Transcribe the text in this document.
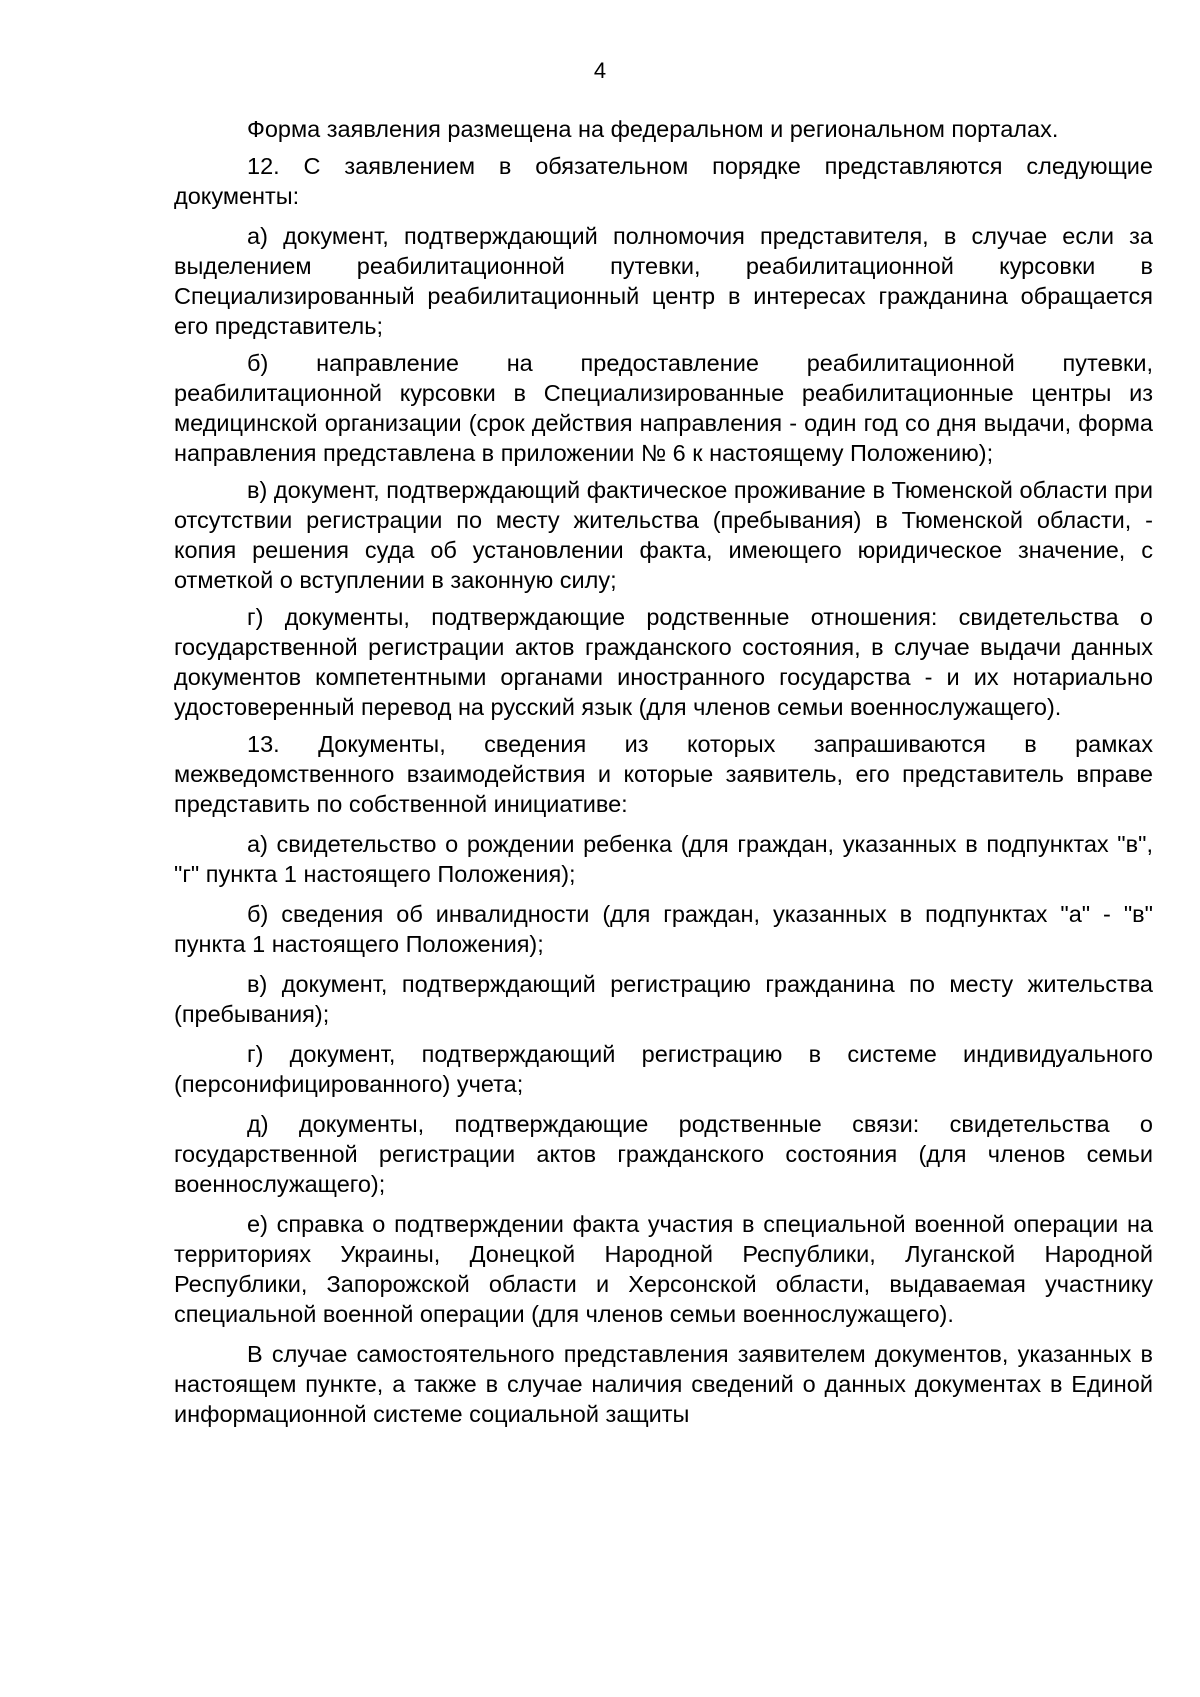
4

Форма заявления размещена на федеральном и региональном порталах.

12. С заявлением в обязательном порядке представляются следующие документы:

а) документ, подтверждающий полномочия представителя, в случае если за выделением реабилитационной путевки, реабилитационной курсовки в Специализированный реабилитационный центр в интересах гражданина обращается его представитель;

б) направление на предоставление реабилитационной путевки, реабилитационной курсовки в Специализированные реабилитационные центры из медицинской организации (срок действия направления - один год со дня выдачи, форма направления представлена в приложении № 6 к настоящему Положению);

в) документ, подтверждающий фактическое проживание в Тюменской области при отсутствии регистрации по месту жительства (пребывания) в Тюменской области, - копия решения суда об установлении факта, имеющего юридическое значение, с отметкой о вступлении в законную силу;

г) документы, подтверждающие родственные отношения: свидетельства о государственной регистрации актов гражданского состояния, в случае выдачи данных документов компетентными органами иностранного государства - и их нотариально удостоверенный перевод на русский язык (для членов семьи военнослужащего).

13. Документы, сведения из которых запрашиваются в рамках межведомственного взаимодействия и которые заявитель, его представитель вправе представить по собственной инициативе:

а) свидетельство о рождении ребенка (для граждан, указанных в подпунктах "в", "г" пункта 1 настоящего Положения);

б) сведения об инвалидности (для граждан, указанных в подпунктах "а" - "в" пункта 1 настоящего Положения);

в) документ, подтверждающий регистрацию гражданина по месту жительства (пребывания);

г) документ, подтверждающий регистрацию в системе индивидуального (персонифицированного) учета;

д) документы, подтверждающие родственные связи: свидетельства о государственной регистрации актов гражданского состояния (для членов семьи военнослужащего);

е) справка о подтверждении факта участия в специальной военной операции на территориях Украины, Донецкой Народной Республики, Луганской Народной Республики, Запорожской области и Херсонской области, выдаваемая участнику специальной военной операции (для членов семьи военнослужащего).

В случае самостоятельного представления заявителем документов, указанных в настоящем пункте, а также в случае наличия сведений о данных документах в Единой информационной системе социальной защиты
